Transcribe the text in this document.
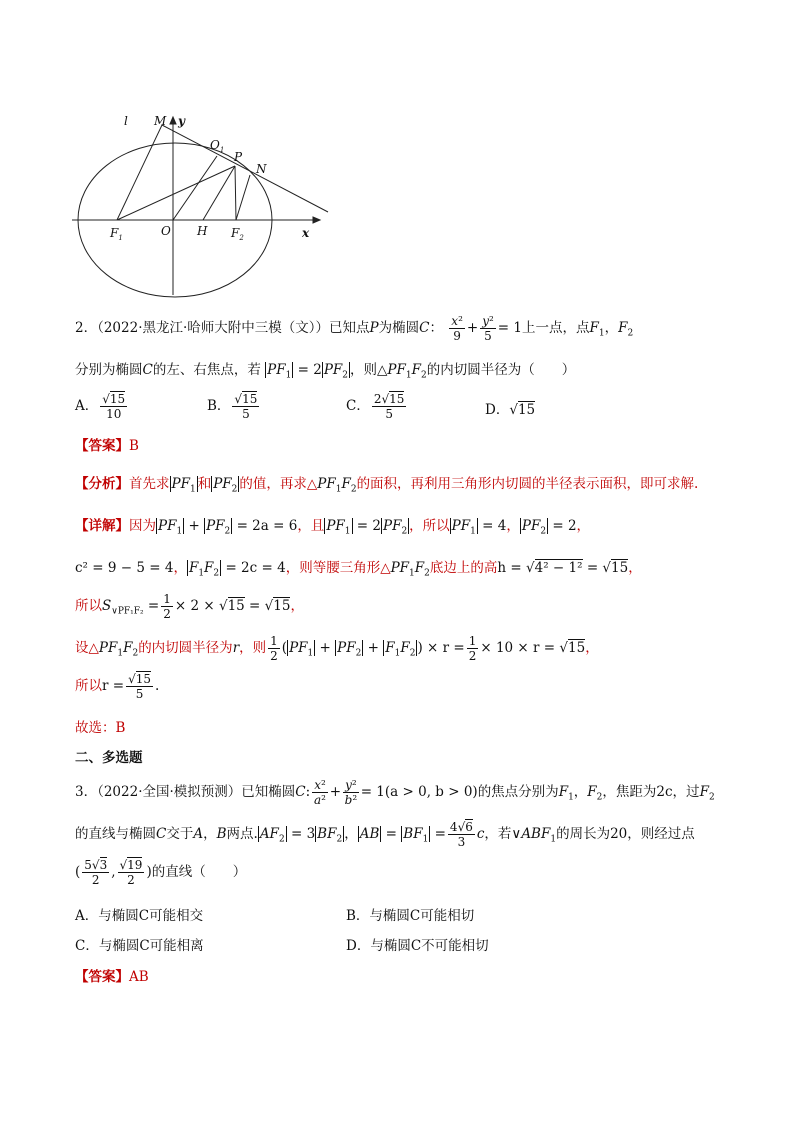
l M y
$O_1$ P
N
$F_1$	O H $F_2$	x
2．（2022·黑龙江·哈师大附中三模（文））已知点P为椭圆C： $\frac{\text{x²}}{9} + \frac{\text{y²}}{5} = 1$上一点，点$F_1$，$F_2$
分别为椭圆C的左、右焦点，若 $PF_1 = 2$ $PF_2$ ，则$\triangle PF_1F_2$的内切圆半径为（　　）
A． $\frac{√15}{10}$	B． $\frac{√15}{5}$	C． $\frac{2√15}{5}$	D．√15
【答案】B
【分析】首先求 $PF_1$ 和 $PF_2$ 的值，再求$\triangle PF_1F_2$的面积，再利用三角形内切圆的半径表示面积，即可求解.
【详解】因为 $PF_1 + PF_2 = 2a = 6$，且 $PF_1 = 2$ $PF_2$ ，所以 $PF_1 = 4$， $PF_2 = 2$，
c² = 9 − 5 = 4， $F_1F_2 = 2c = 4$，则等腰三角形$\triangle PF_1F_2$底边上的高h = √4² − 1² = √15，
所以$S_{\vee PF_1F_2} = \frac{1}{2} \times 2 \times √15 = √15$，
设$\triangle PF_1F_2$的内切圆半径为r，则 $\frac{1}{2}$ ( $PF_1 + PF_2 + F_1F_2$ ) × $r = \frac{1}{2} \times 10 \times r = √15$，
所以$r = \frac{√15}{5}$ .
故选：B
二、多选题
3．（2022·全国·模拟预测）已知椭圆C: $\frac{\text{x²}}{\text{a²}} + \frac{\text{y²}}{\text{b²}} = 1(a > 0$, b > 0)的焦点分别为$F_1$，$F_2$，焦距为2c，过$F_2$
的直线与椭圆C交于A，B两点. $AF_2 = 3$ $BF_2$ ， AB = $BF_1 = \frac{4√6}{3}$ c，若$\vee ABF_1$的周长为20，则经过点
( $\frac{5√3}{2}$ , $\frac{√19}{2}$ )的直线（　　）
A．与椭圆C可能相交	B．与椭圆C可能相切
C．与椭圆C可能相离	D．与椭圆C不可能相切
【答案】AB
